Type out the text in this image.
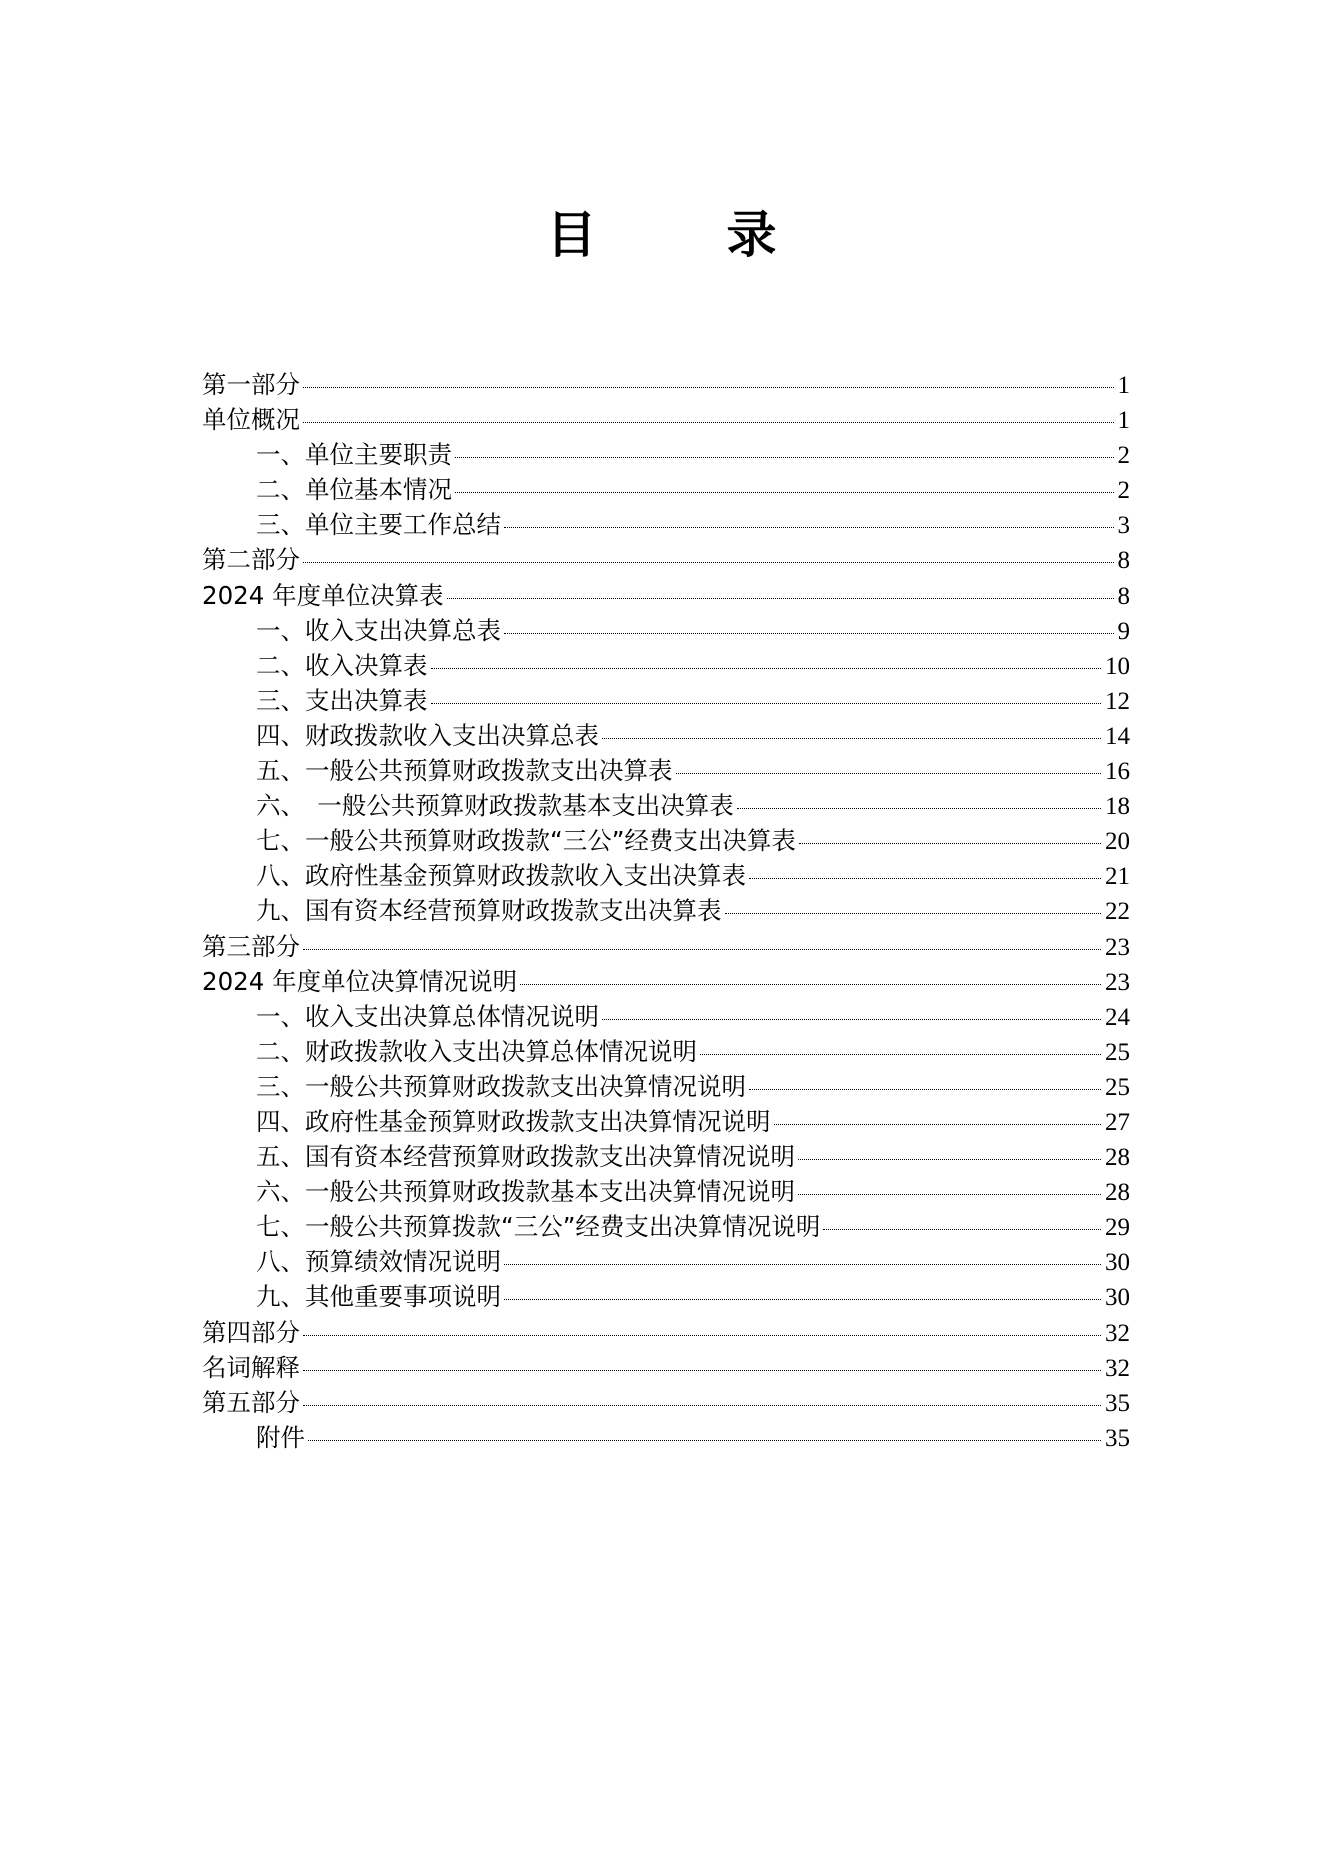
目　录
第一部分	1
单位概况	1
一、单位主要职责	2
二、单位基本情况	2
三、单位主要工作总结	3
第二部分	8
2024 年度单位决算表	8
一、收入支出决算总表	9
二、收入决算表	10
三、支出决算表	12
四、财政拨款收入支出决算总表	14
五、一般公共预算财政拨款支出决算表	16
六、　一般公共预算财政拨款基本支出决算表	18
七、一般公共预算财政拨款“三公”经费支出决算表	20
八、政府性基金预算财政拨款收入支出决算表	21
九、国有资本经营预算财政拨款支出决算表	22
第三部分	23
2024 年度单位决算情况说明	23
一、收入支出决算总体情况说明	24
二、财政拨款收入支出决算总体情况说明	25
三、一般公共预算财政拨款支出决算情况说明	25
四、政府性基金预算财政拨款支出决算情况说明	27
五、国有资本经营预算财政拨款支出决算情况说明	28
六、一般公共预算财政拨款基本支出决算情况说明	28
七、一般公共预算拨款“三公”经费支出决算情况说明	29
八、预算绩效情况说明	30
九、其他重要事项说明	30
第四部分	32
名词解释	32
第五部分	35
附件	35
